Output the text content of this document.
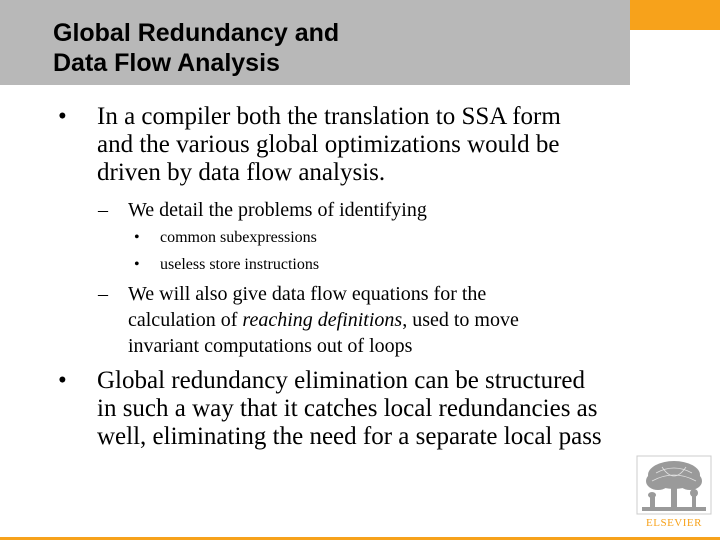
Global Redundancy and
Data Flow Analysis
• In a compiler both the translation to SSA form
and the various global optimizations would be
driven by data flow analysis.
– We detail the problems of identifying
• common subexpressions
• useless store instructions
– We will also give data flow equations for the
calculation of reaching definitions, used to move
invariant computations out of loops
• Global redundancy elimination can be structured
in such a way that it catches local redundancies as
well, eliminating the need for a separate local pass
ELSEVIER
